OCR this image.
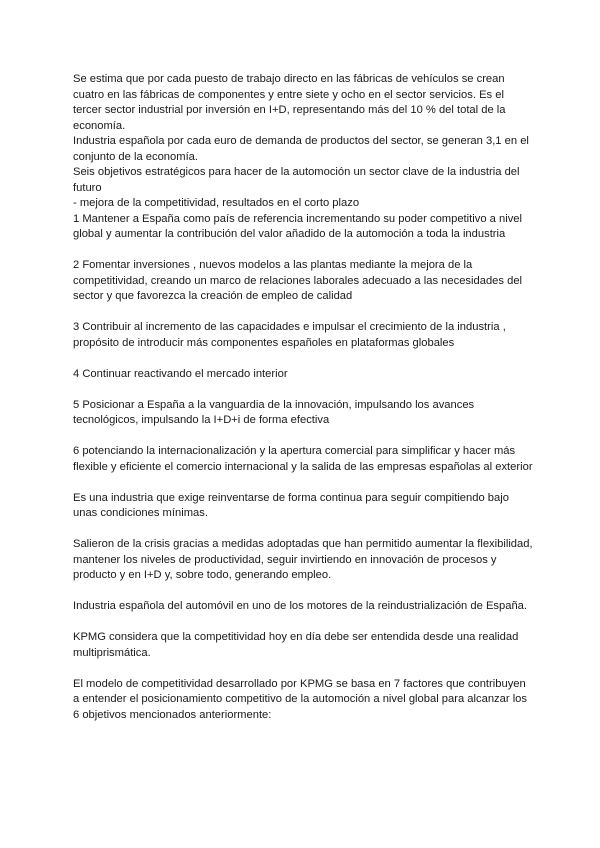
Se estima que por cada puesto de trabajo directo en las fábricas de vehículos se crean cuatro en las fábricas de componentes y entre siete y ocho en el sector servicios. Es el tercer sector industrial por inversión en I+D, representando más del 10 % del total de la economía.

Industria española por cada euro de demanda de productos del sector, se generan 3,1 en el conjunto de la economía.

Seis objetivos estratégicos para hacer de la automoción un sector clave de la industria del futuro

- mejora de la competitividad, resultados en el corto plazo

1 Mantener a España como país de referencia incrementando su poder competitivo a nivel global y aumentar la contribución del valor añadido de la automoción a toda la industria

2 Fomentar inversiones , nuevos modelos a las plantas mediante la mejora de la competitividad, creando un marco de relaciones laborales adecuado a las necesidades del sector y que favorezca la creación de empleo de calidad

3 Contribuir al incremento de las capacidades e impulsar el crecimiento de la industria , propósito de introducir más componentes españoles en plataformas globales

4 Continuar reactivando el mercado interior

5 Posicionar a España a la vanguardia de la innovación, impulsando los avances tecnológicos, impulsando la I+D+i de forma efectiva

6 potenciando la internacionalización y la apertura comercial para simplificar y hacer más flexible y eficiente el comercio internacional y la salida de las empresas españolas al exterior

Es una industria que exige reinventarse de forma continua para seguir compitiendo bajo unas condiciones mínimas.

Salieron de la crisis gracias a medidas adoptadas que han permitido aumentar la flexibilidad, mantener los niveles de productividad, seguir invirtiendo en innovación de procesos y producto y en I+D y, sobre todo, generando empleo.

Industria española del automóvil en uno de los motores de la reindustrialización de España.

KPMG considera que la competitividad hoy en día debe ser entendida desde una realidad multiprismática.

El modelo de competitividad desarrollado por KPMG se basa en 7 factores que contribuyen a entender el posicionamiento competitivo de la automoción a nivel global para alcanzar los 6 objetivos mencionados anteriormente:
